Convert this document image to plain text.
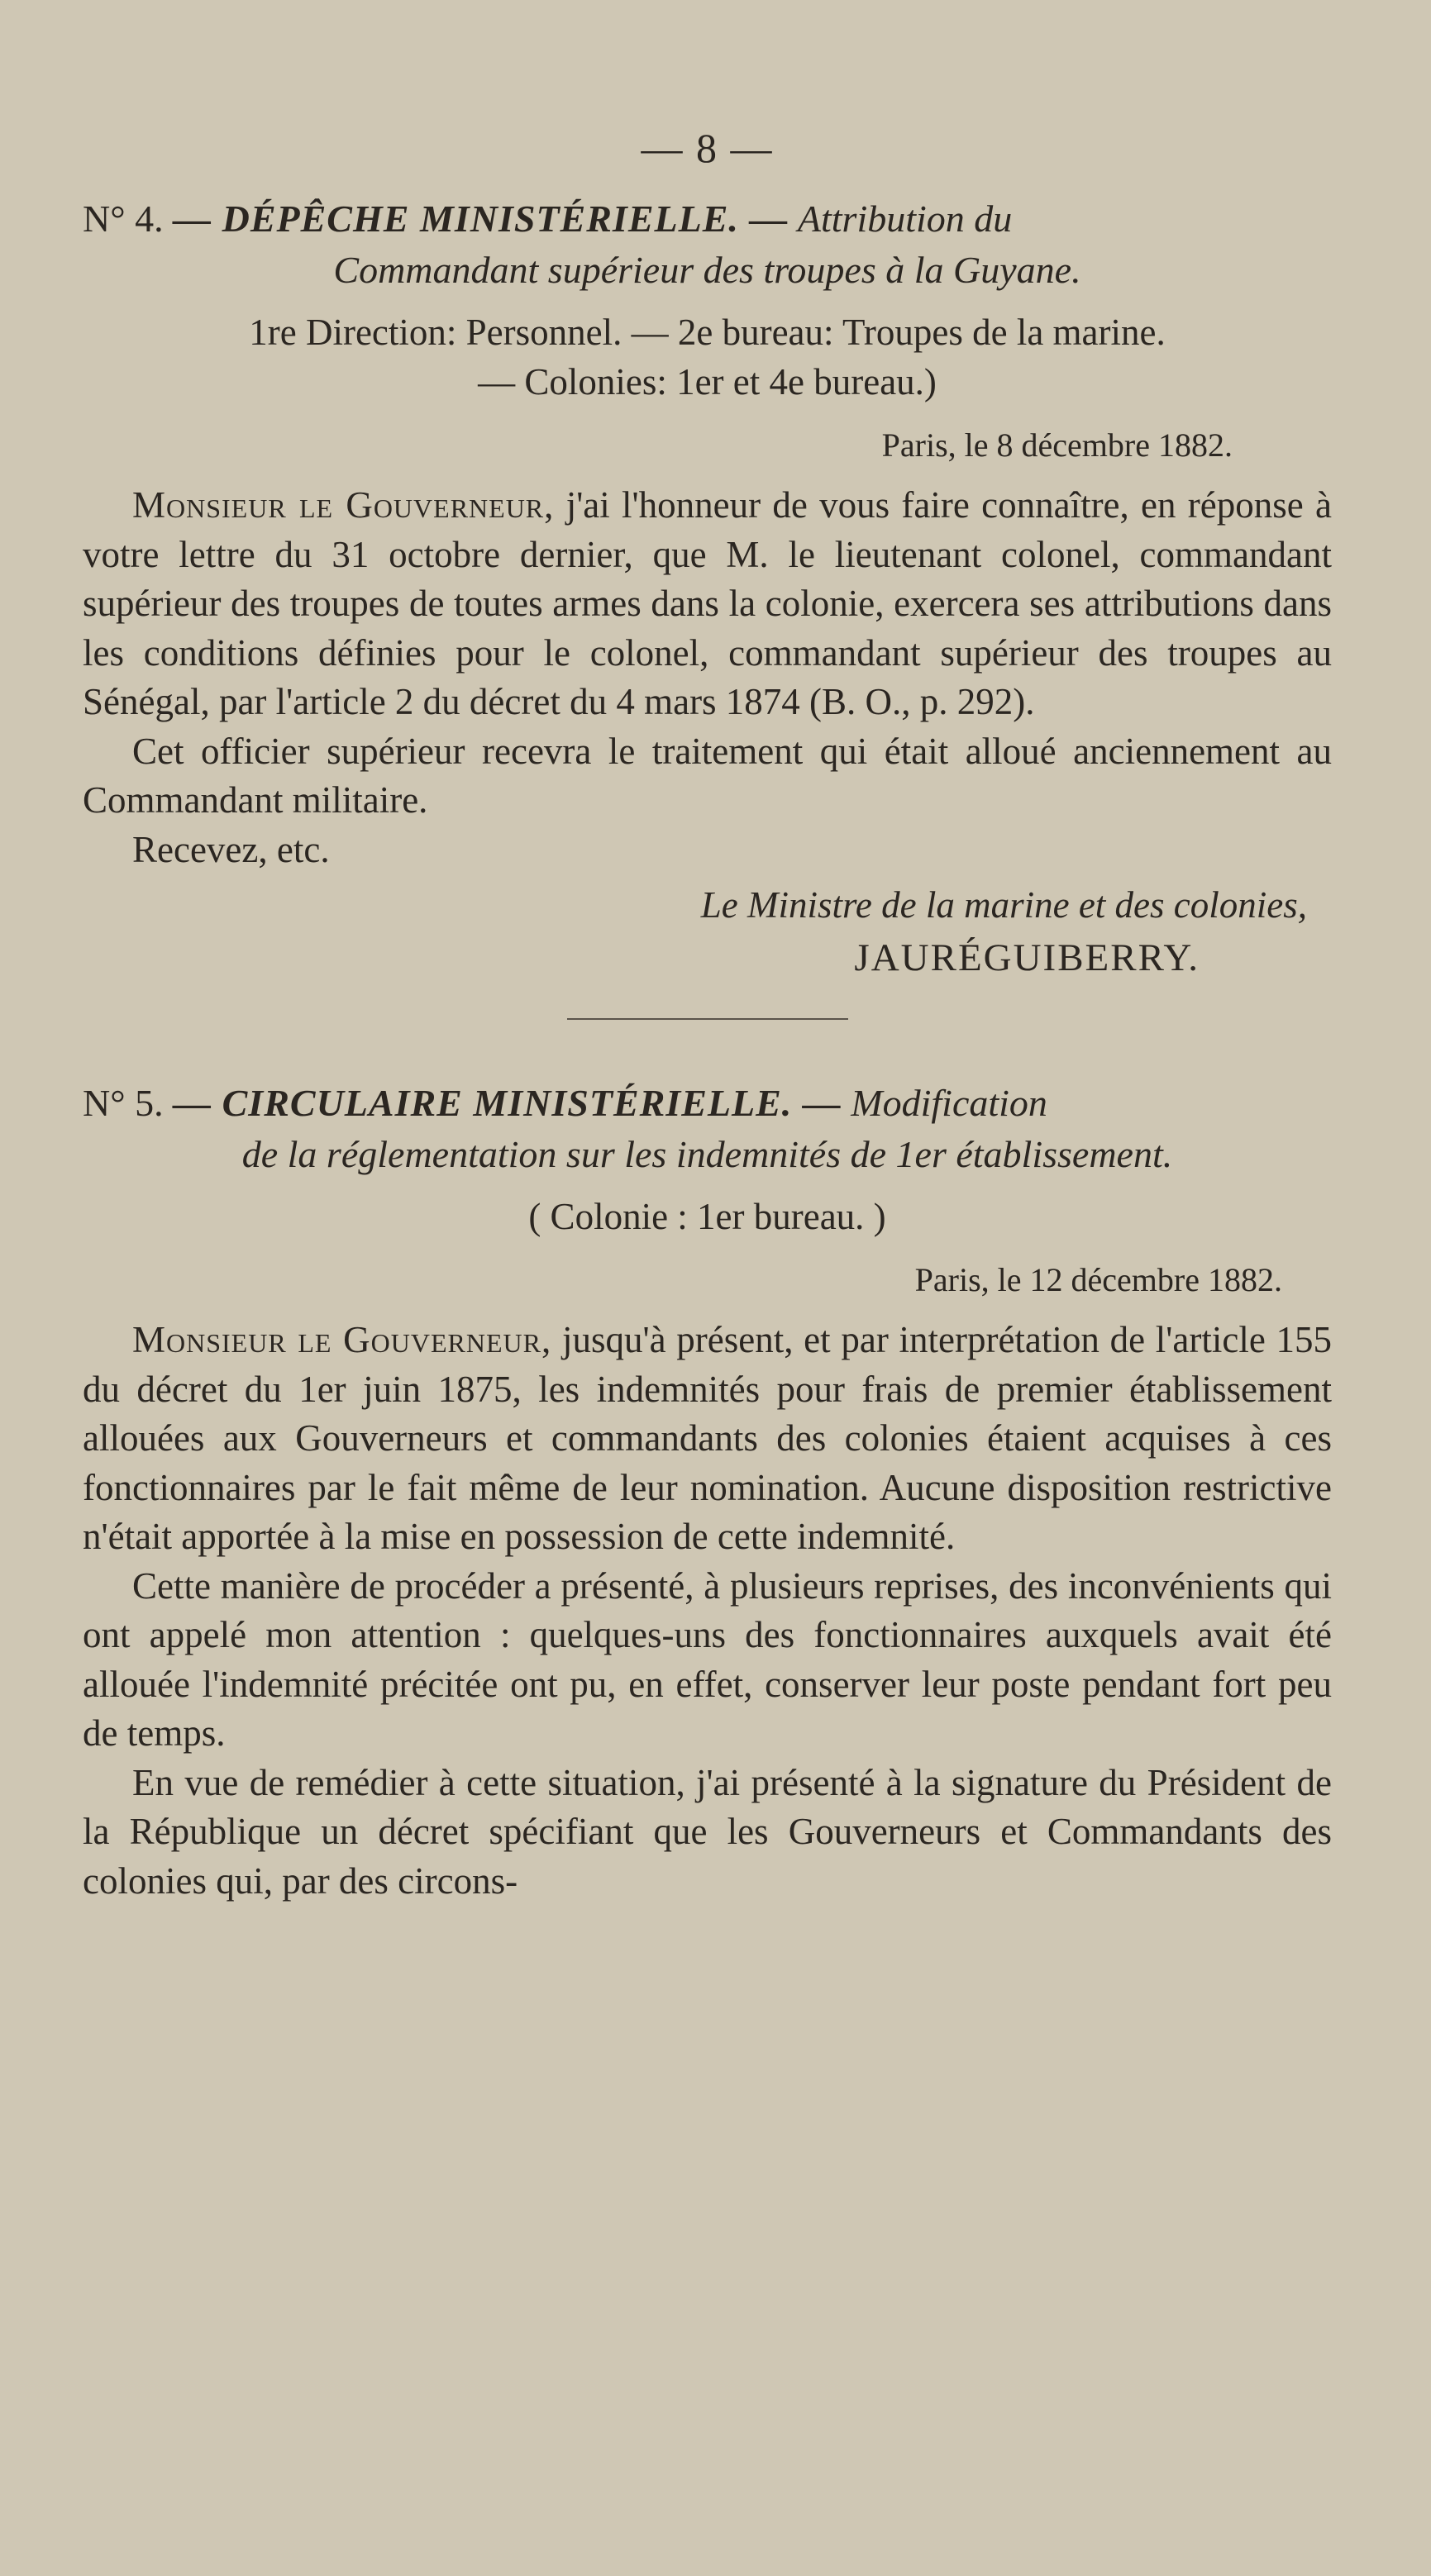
— 8 —
N° 4. — DÉPÊCHE MINISTÉRIELLE. — Attribution du
Commandant supérieur des troupes à la Guyane.
1re Direction: Personnel. — 2e bureau: Troupes de la marine.
— Colonies: 1er et 4e bureau.)
Paris, le 8 décembre 1882.

Monsieur le Gouverneur, j'ai l'honneur de vous faire connaître, en réponse à votre lettre du 31 octobre dernier, que M. le lieutenant colonel, commandant supérieur des troupes de toutes armes dans la colonie, exercera ses attributions dans les conditions définies pour le colonel, commandant supérieur des troupes au Sénégal, par l'article 2 du décret du 4 mars 1874 (B. O., p. 292).

Cet officier supérieur recevra le traitement qui était alloué anciennement au Commandant militaire.

Recevez, etc.

Le Ministre de la marine et des colonies,
JAURÉGUIBERRY.
N° 5. — CIRCULAIRE MINISTÉRIELLE. — Modification
de la réglementation sur les indemnités de 1er établissement.
( Colonie : 1er bureau. )
Paris, le 12 décembre 1882.

Monsieur le Gouverneur, jusqu'à présent, et par interprétation de l'article 155 du décret du 1er juin 1875, les indemnités pour frais de premier établissement allouées aux Gouverneurs et commandants des colonies étaient acquises à ces fonctionnaires par le fait même de leur nomination. Aucune disposition restrictive n'était apportée à la mise en possession de cette indemnité.

Cette manière de procéder a présenté, à plusieurs reprises, des inconvénients qui ont appelé mon attention : quelques-uns des fonctionnaires auxquels avait été allouée l'indemnité précitée ont pu, en effet, conserver leur poste pendant fort peu de temps.

En vue de remédier à cette situation, j'ai présenté à la signature du Président de la République un décret spécifiant que les Gouverneurs et Commandants des colonies qui, par des circons-
